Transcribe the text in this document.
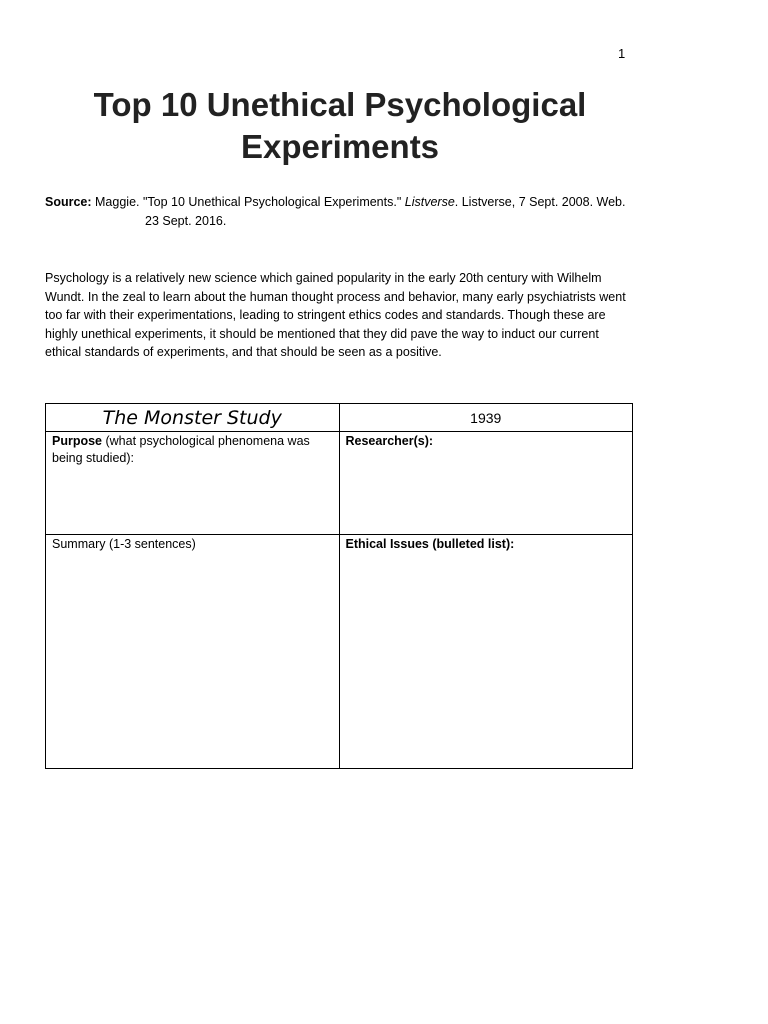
1
Top 10 Unethical Psychological
Experiments
Source: Maggie. "Top 10 Unethical Psychological Experiments." Listverse. Listverse, 7 Sept. 2008. Web.
23 Sept. 2016.

Psychology is a relatively new science which gained popularity in the early 20th century with Wilhelm Wundt. In the zeal to learn about the human thought process and behavior, many early psychiatrists went too far with their experimentations, leading to stringent ethics codes and standards. Though these are highly unethical experiments, it should be mentioned that they did pave the way to induct our current ethical standards of experiments, and that should be seen as a positive.

The Monster Study	1939
Purpose (what psychological phenomena was being studied):	Researcher(s):
Summary (1-3 sentences)	Ethical Issues (bulleted list):
